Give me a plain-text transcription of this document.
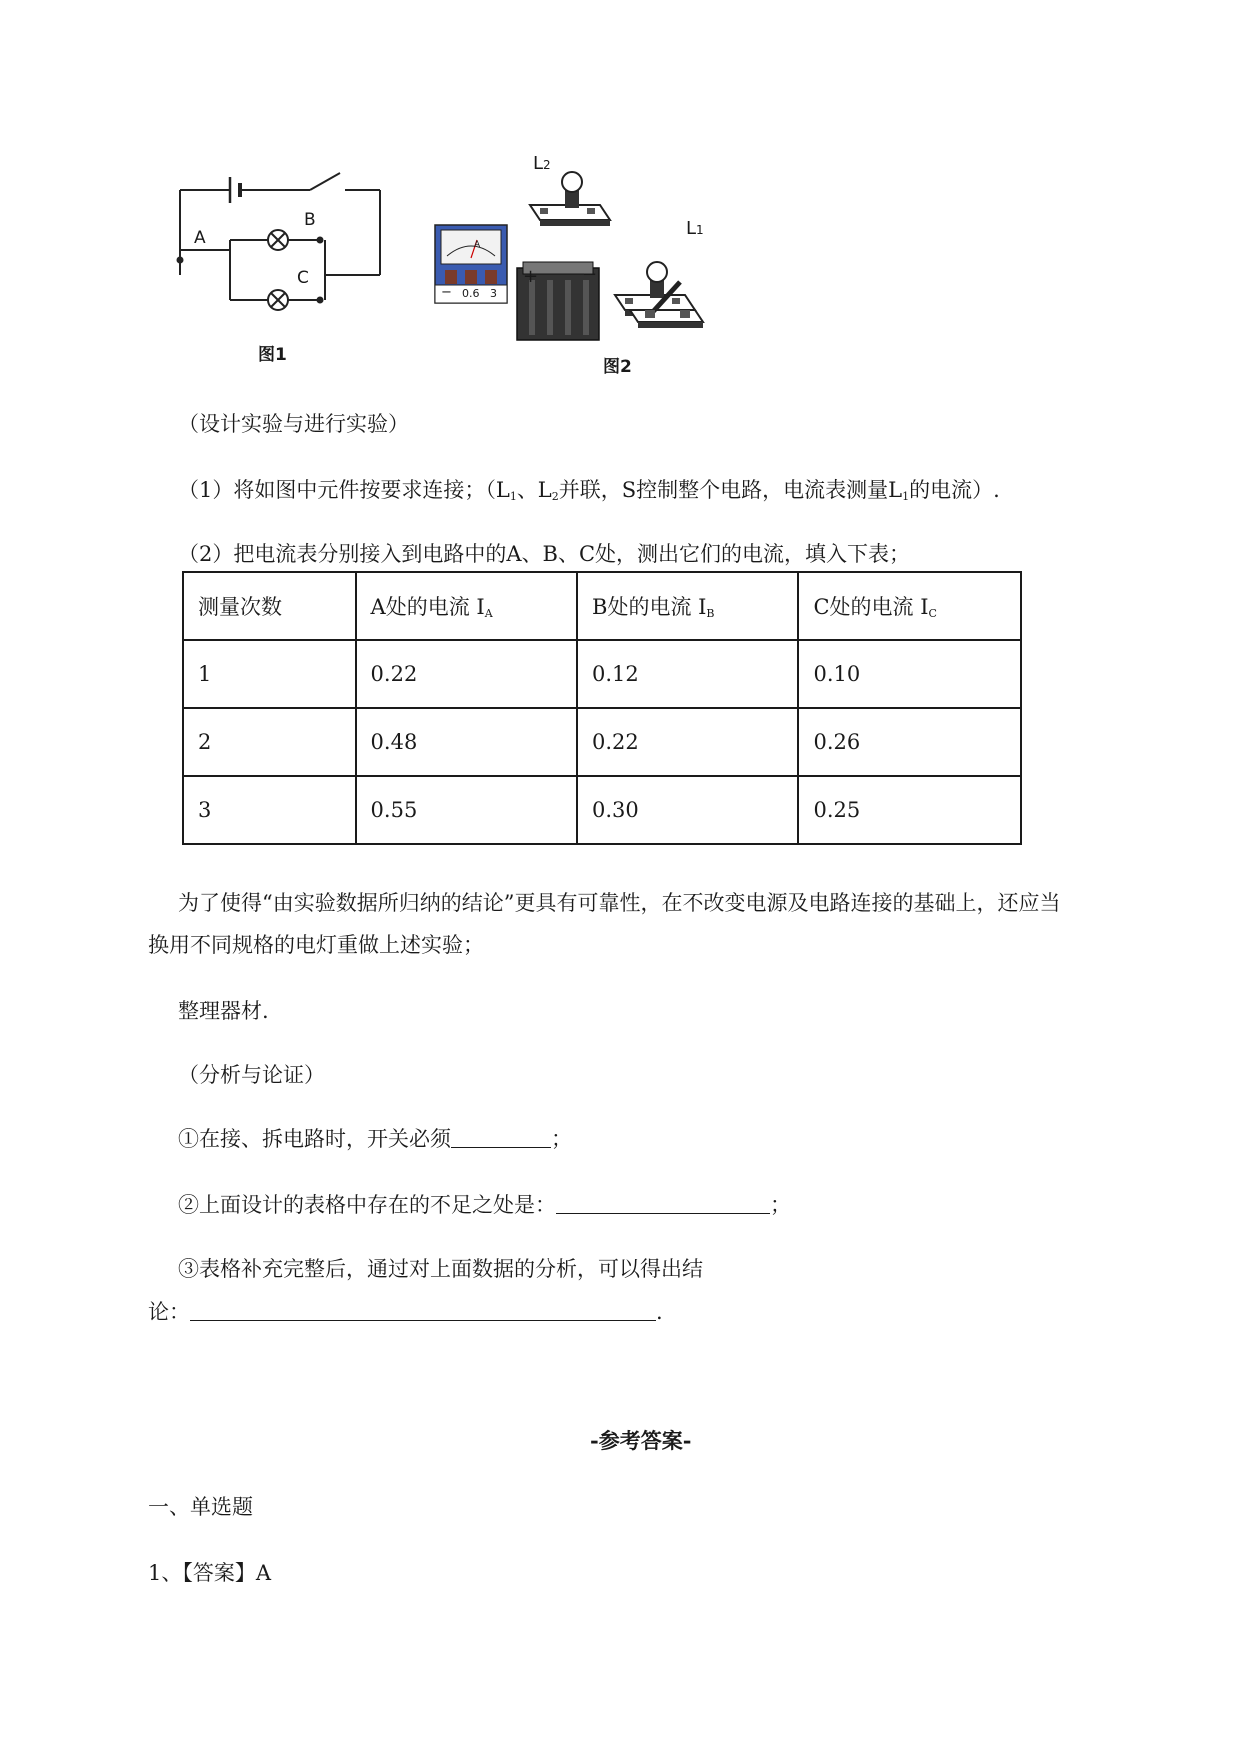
A
B
C
图1
L2
L1
A
− 0.6 3
+ −
图2
（设计实验与进行实验）
（1）将如图中元件按要求连接；（$L_1$、$L_2$并联，S控制整个电路，电流表测量$L_1$的电流）.
（2）把电流表分别接入到电路中的A、B、C处，测出它们的电流，填入下表；
测量次数	A处的电流 $I_A$	B处的电流 $I_B$	C处的电流 $I_C$
1	0.22	0.12	0.10
2	0.48	0.22	0.26
3	0.55	0.30	0.25
为了使得“由实验数据所归纳的结论”更具有可靠性，在不改变电源及电路连接的基础上，还应当
换用不同规格的电灯重做上述实验；
整理器材.
（分析与论证）
①在接、拆电路时，开关必须	；
②上面设计的表格中存在的不足之处是：	；
③表格补充完整后，通过对上面数据的分析，可以得出结
论：	.
-参考答案-
一、单选题
1、【答案】A
